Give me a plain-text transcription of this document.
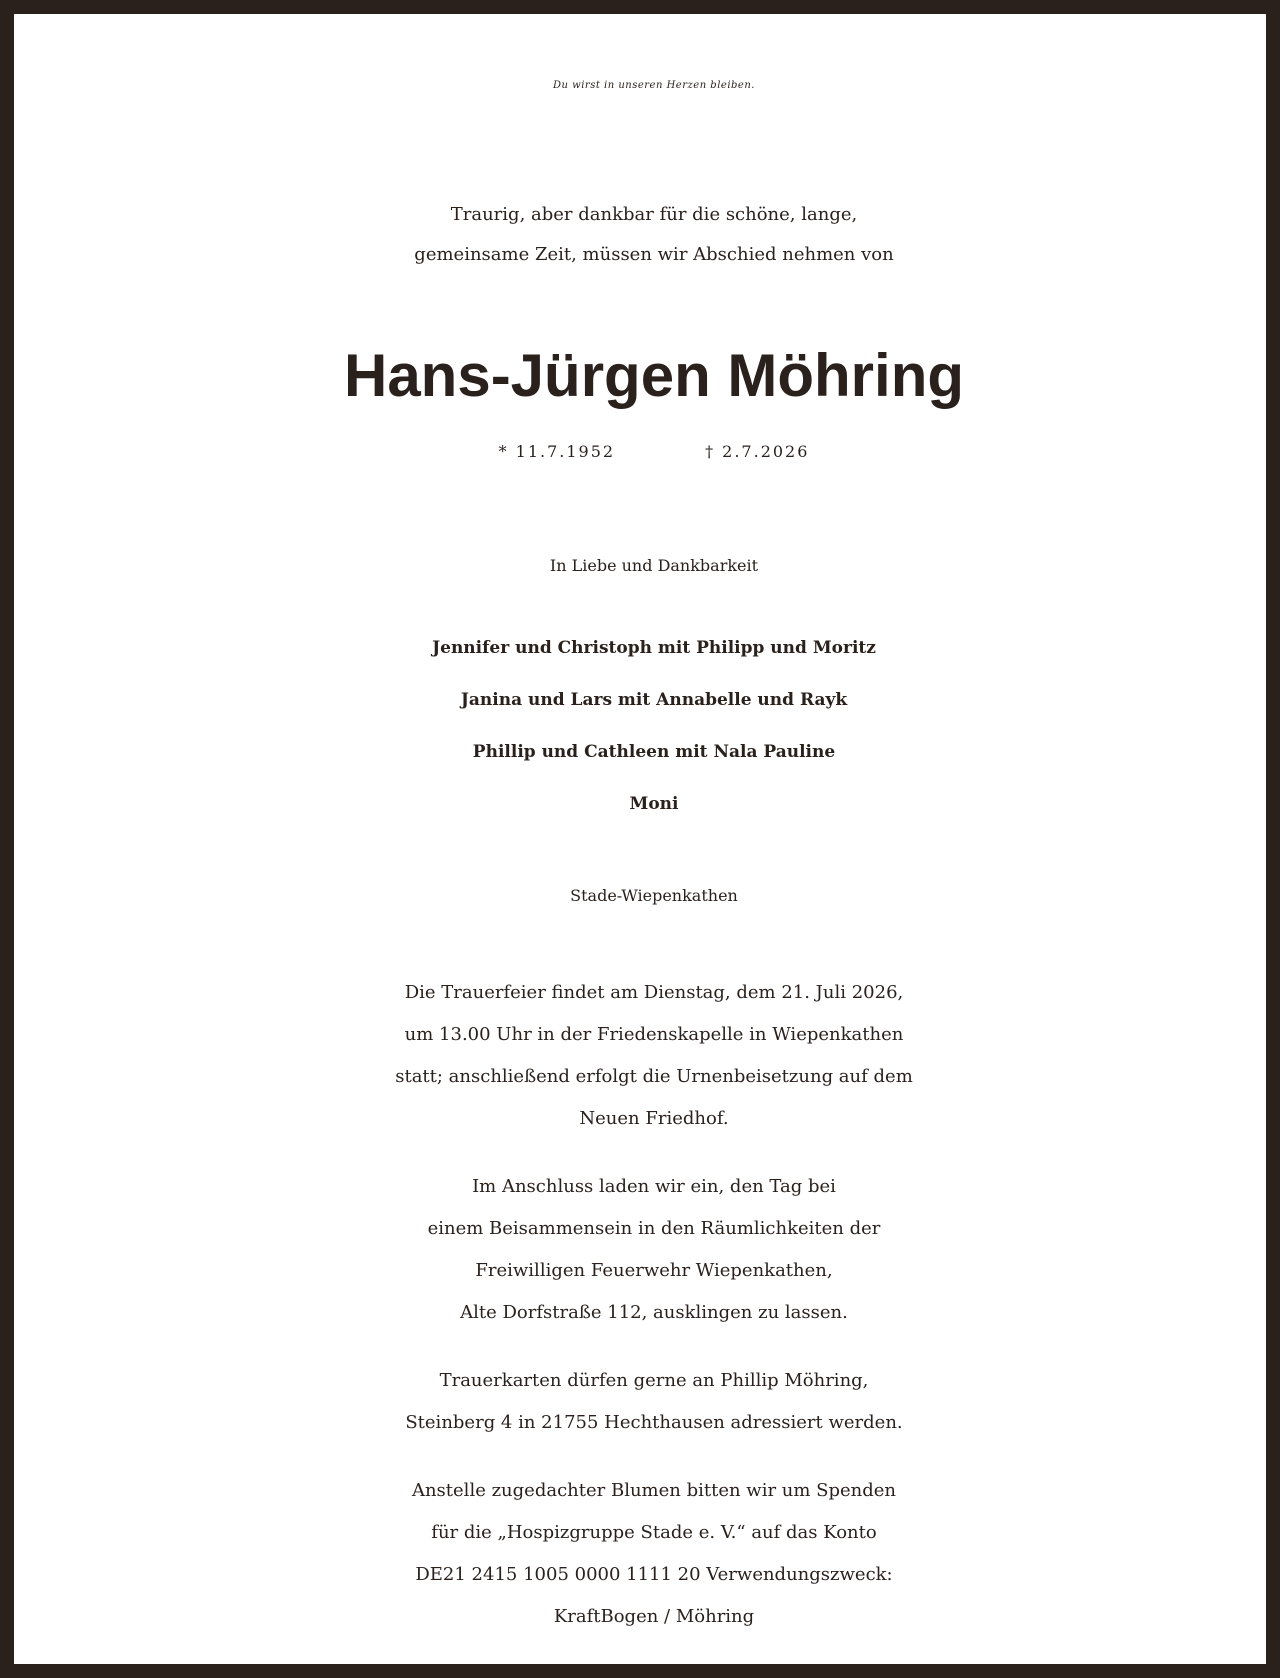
Du wirst in unseren Herzen bleiben.
Traurig, aber dankbar für die schöne, lange,
gemeinsame Zeit, müssen wir Abschied nehmen von
Hans-Jürgen Möhring
* 11.7.1952	† 2.7.2026
In Liebe und Dankbarkeit
Jennifer und Christoph mit Philipp und Moritz
Janina und Lars mit Annabelle und Rayk
Phillip und Cathleen mit Nala Pauline
Moni
Stade-Wiepenkathen
Die Trauerfeier findet am Dienstag, dem 21. Juli 2026,
um 13.00 Uhr in der Friedenskapelle in Wiepenkathen
statt; anschließend erfolgt die Urnenbeisetzung auf dem
Neuen Friedhof.
Im Anschluss laden wir ein, den Tag bei
einem Beisammensein in den Räumlichkeiten der
Freiwilligen Feuerwehr Wiepenkathen,
Alte Dorfstraße 112, ausklingen zu lassen.
Trauerkarten dürfen gerne an Phillip Möhring,
Steinberg 4 in 21755 Hechthausen adressiert werden.
Anstelle zugedachter Blumen bitten wir um Spenden
für die „Hospizgruppe Stade e. V.“ auf das Konto
DE21 2415 1005 0000 1111 20 Verwendungszweck:
KraftBogen / Möhring
